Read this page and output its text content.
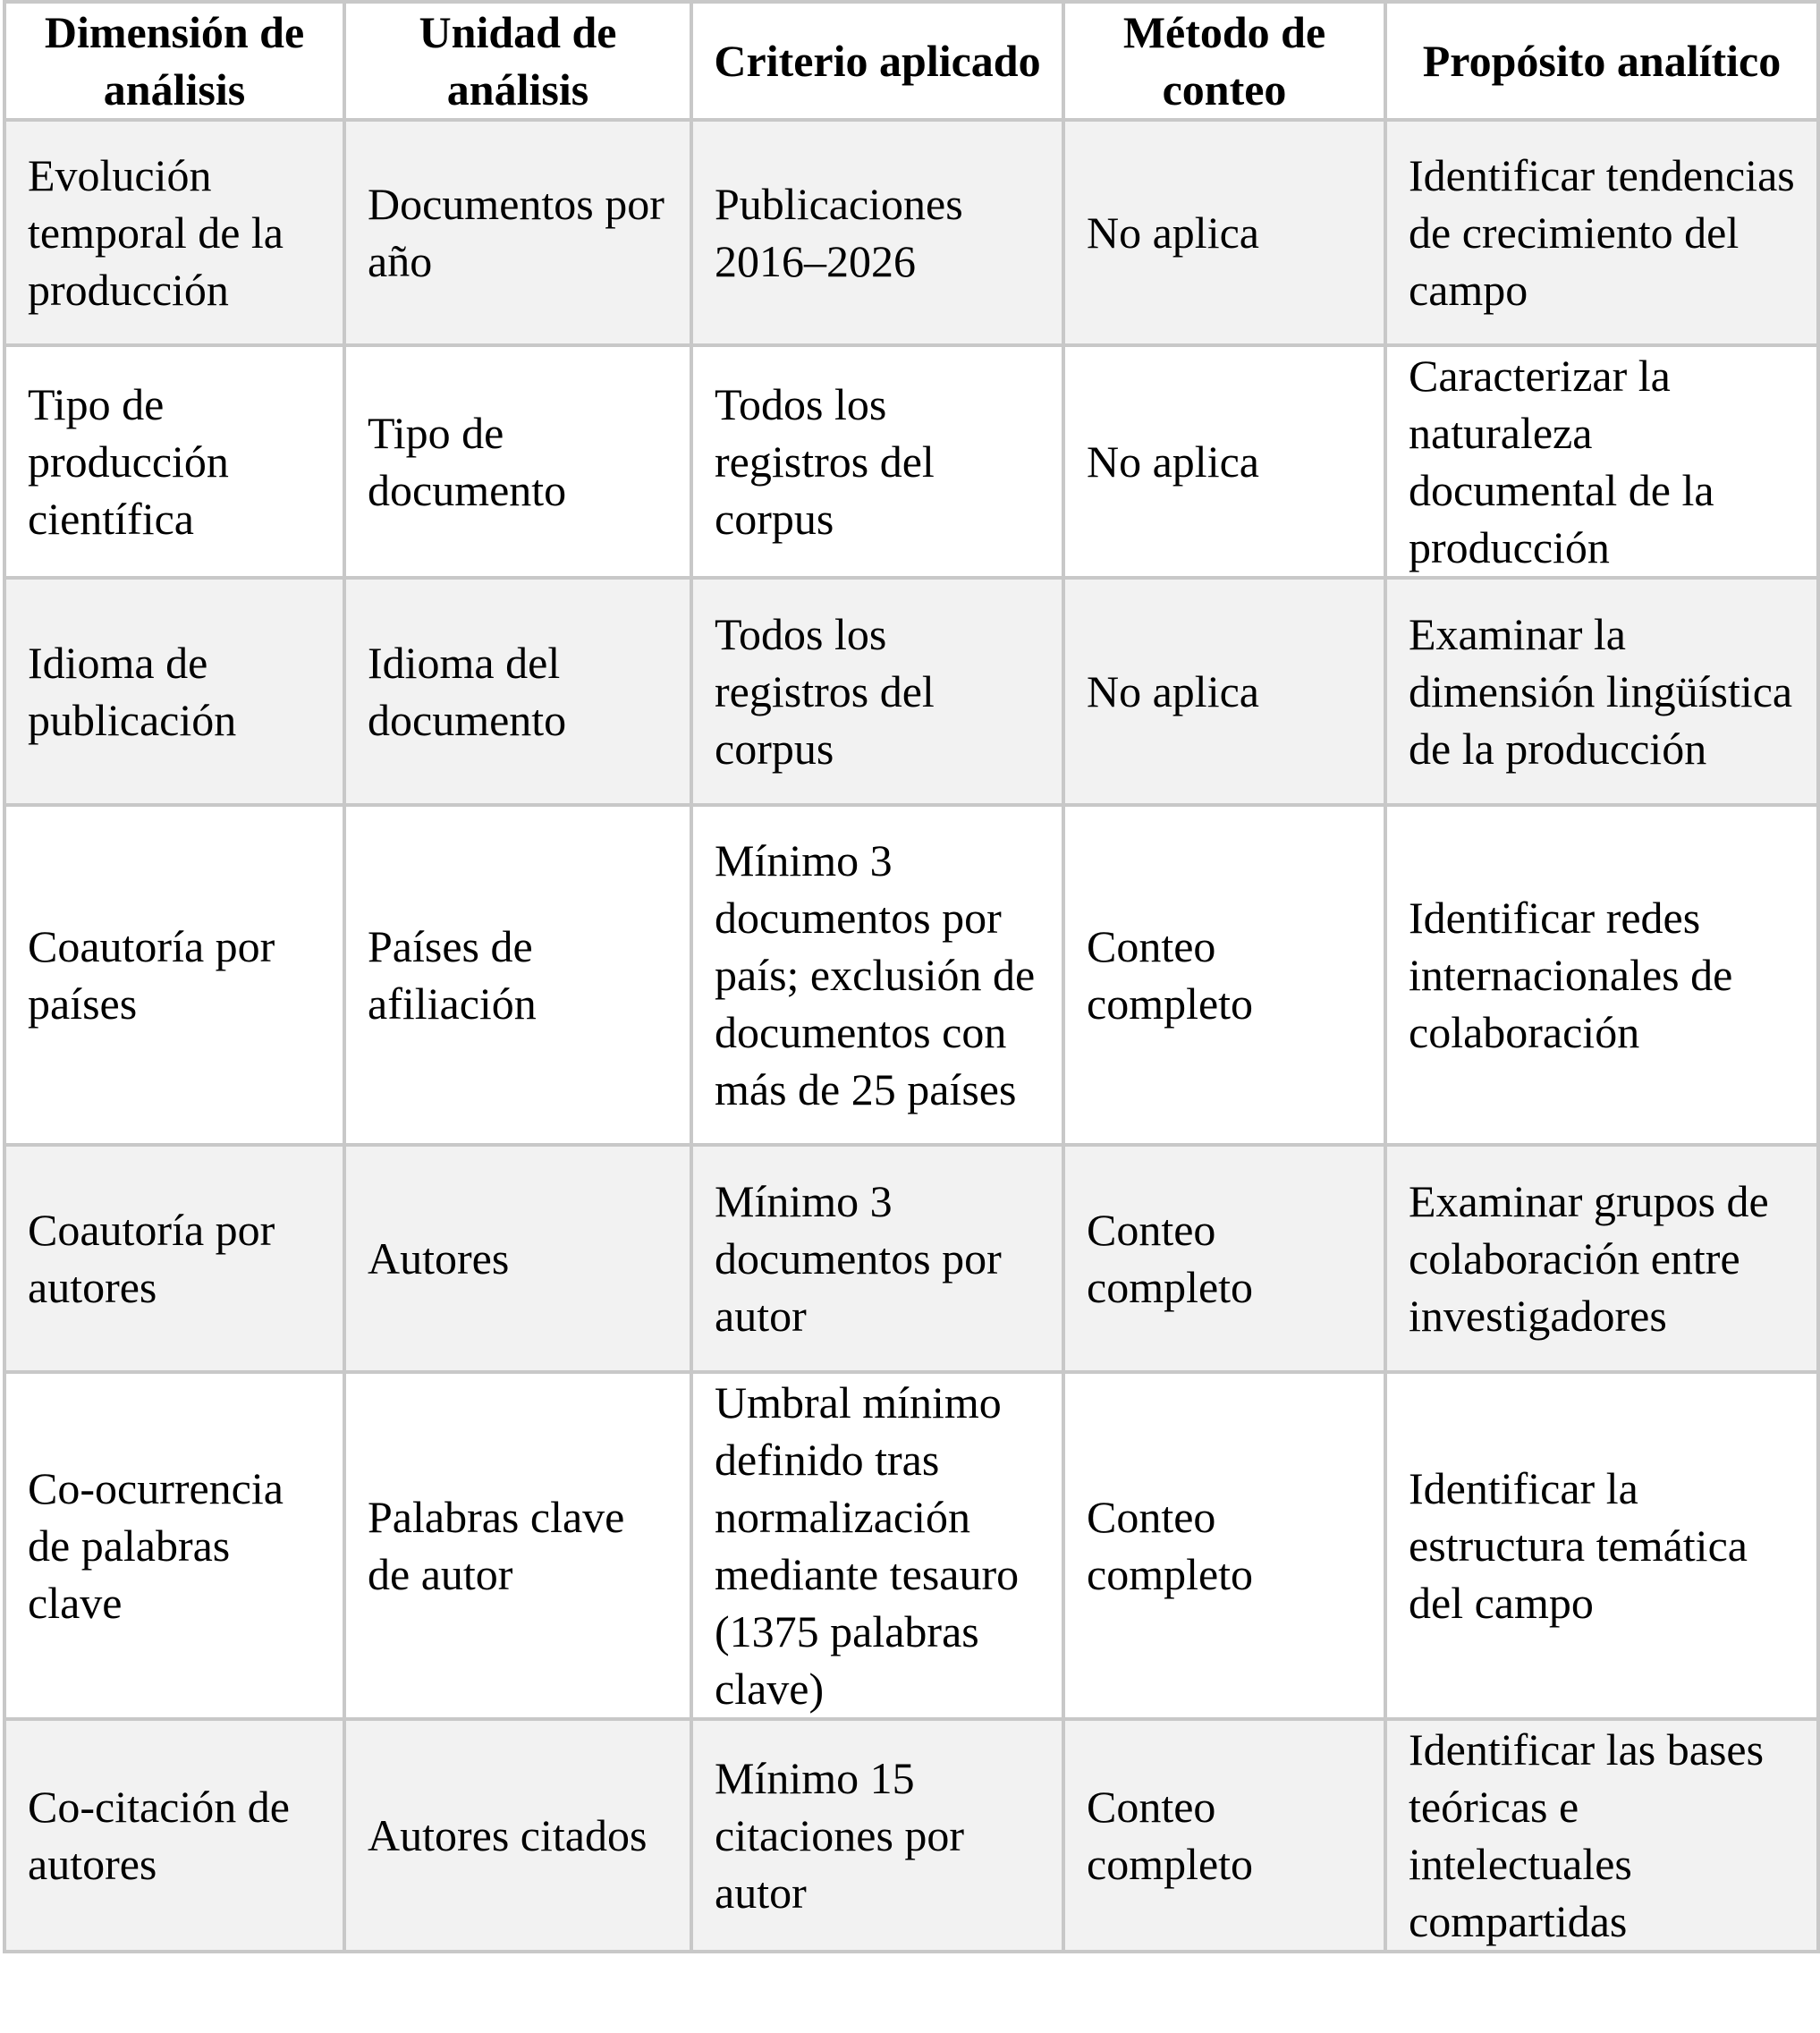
Dimensión de análisis	Unidad de análisis	Criterio aplicado	Método de conteo	Propósito analítico
Evolución temporal de la producción	Documentos por año	Publicaciones 2016–2026	No aplica	Identificar tendencias de crecimiento del campo
Tipo de producción científica	Tipo de documento	Todos los registros del corpus	No aplica	Caracterizar la naturaleza documental de la producción
Idioma de publicación	Idioma del documento	Todos los registros del corpus	No aplica	Examinar la dimensión lingüística de la producción
Coautoría por países	Países de afiliación	Mínimo 3 documentos por país; exclusión de documentos con más de 25 países	Conteo completo	Identificar redes internacionales de colaboración
Coautoría por autores	Autores	Mínimo 3 documentos por autor	Conteo completo	Examinar grupos de colaboración entre investigadores
Co-ocurrencia de palabras clave	Palabras clave de autor	Umbral mínimo definido tras normalización mediante tesauro (1375 palabras clave)	Conteo completo	Identificar la estructura temática del campo
Co-citación de autores	Autores citados	Mínimo 15 citaciones por autor	Conteo completo	Identificar las bases teóricas e intelectuales compartidas
